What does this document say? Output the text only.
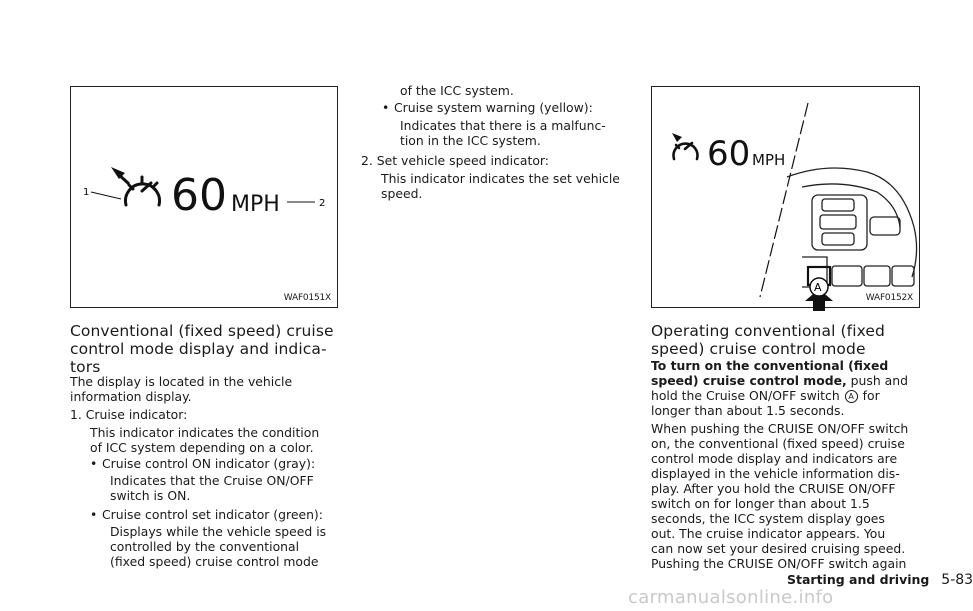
1 60 MPH	2
WAF0151X
60 MPH
A
WAF0152X
Conventional (fixed speed) cruise
control mode display and indica-
tors
The display is located in the vehicle
information display.
1. Cruise indicator:
This indicator indicates the condition
of ICC system depending on a color.
• Cruise control ON indicator (gray):
Indicates that the Cruise ON/OFF
switch is ON.
• Cruise control set indicator (green):
Displays while the vehicle speed is
controlled by the conventional
(fixed speed) cruise control mode
of the ICC system.
• Cruise system warning (yellow):
Indicates that there is a malfunc-
tion in the ICC system.
2. Set vehicle speed indicator:
This indicator indicates the set vehicle
speed.
Operating conventional (fixed
speed) cruise control mode
To turn on the conventional (fixed
speed) cruise control mode, push and
hold the Cruise ON/OFF switch A for
longer than about 1.5 seconds.
When pushing the CRUISE ON/OFF switch
on, the conventional (fixed speed) cruise
control mode display and indicators are
displayed in the vehicle information dis-
play. After you hold the CRUISE ON/OFF
switch on for longer than about 1.5
seconds, the ICC system display goes
out. The cruise indicator appears. You
can now set your desired cruising speed.
Pushing the CRUISE ON/OFF switch again
Starting and driving 5-83
carmanualsonline.info
